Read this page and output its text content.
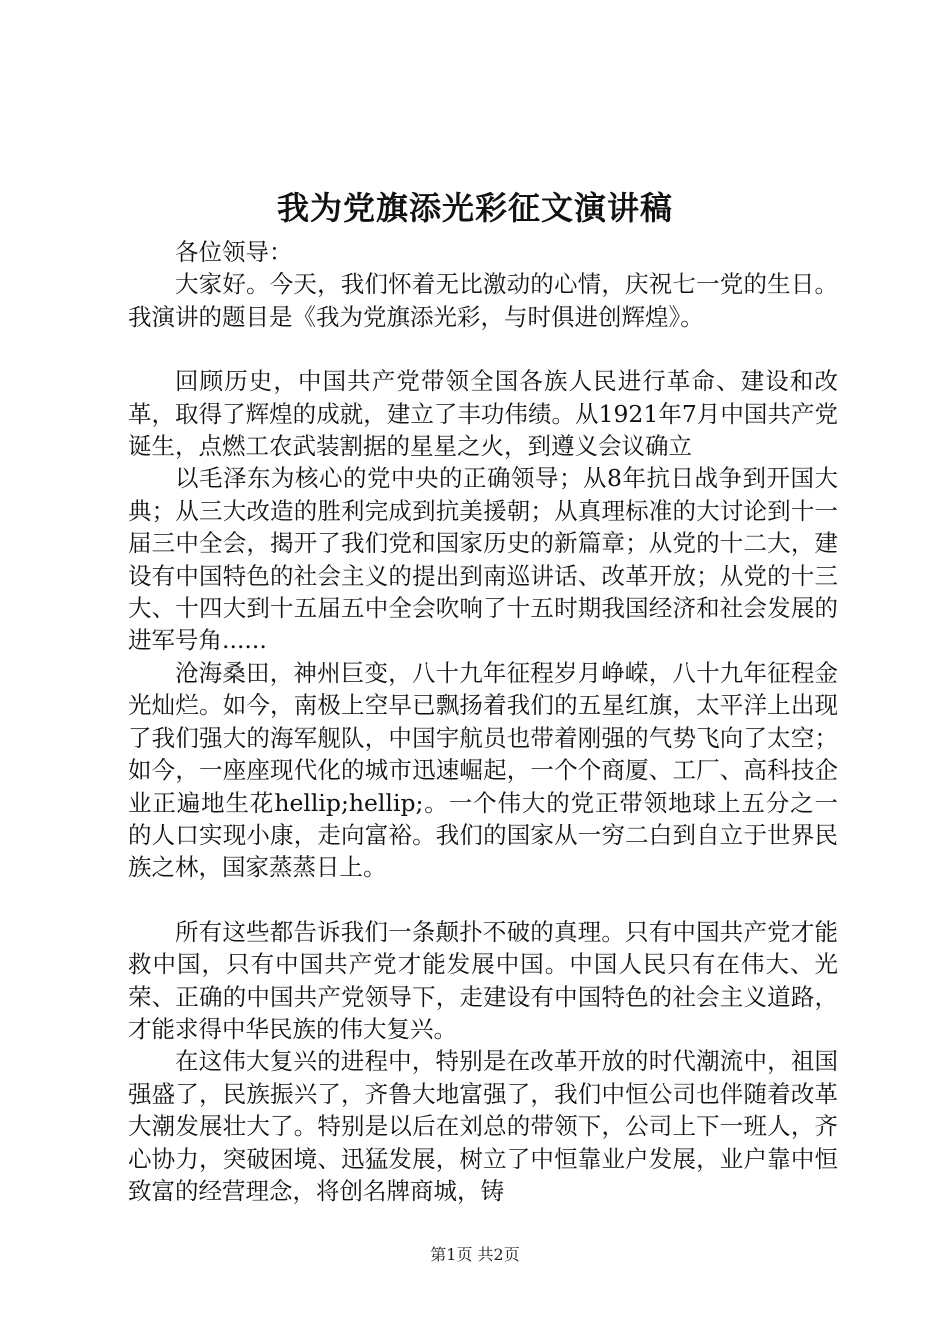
我为党旗添光彩征文演讲稿

各位领导：

大家好。今天，我们怀着无比激动的心情，庆祝七一党的生日。我演讲的题目是《我为党旗添光彩，与时俱进创辉煌》。

回顾历史，中国共产党带领全国各族人民进行革命、建设和改革，取得了辉煌的成就，建立了丰功伟绩。从1921年7月中国共产党诞生，点燃工农武装割据的星星之火，到遵义会议确立

以毛泽东为核心的党中央的正确领导；从8年抗日战争到开国大典；从三大改造的胜利完成到抗美援朝；从真理标准的大讨论到十一届三中全会，揭开了我们党和国家历史的新篇章；从党的十二大，建设有中国特色的社会主义的提出到南巡讲话、改革开放；从党的十三大、十四大到十五届五中全会吹响了十五时期我国经济和社会发展的进军号角......

沧海桑田，神州巨变，八十九年征程岁月峥嵘，八十九年征程金光灿烂。如今，南极上空早已飘扬着我们的五星红旗，太平洋上出现了我们强大的海军舰队，中国宇航员也带着刚强的气势飞向了太空；如今，一座座现代化的城市迅速崛起，一个个商厦、工厂、高科技企业正遍地生花hellip;hellip;。一个伟大的党正带领地球上五分之一的人口实现小康，走向富裕。我们的国家从一穷二白到自立于世界民族之林，国家蒸蒸日上。

所有这些都告诉我们一条颠扑不破的真理。只有中国共产党才能救中国，只有中国共产党才能发展中国。中国人民只有在伟大、光荣、正确的中国共产党领导下，走建设有中国特色的社会主义道路，才能求得中华民族的伟大复兴。

在这伟大复兴的进程中，特别是在改革开放的时代潮流中，祖国强盛了，民族振兴了，齐鲁大地富强了，我们中恒公司也伴随着改革大潮发展壮大了。特别是以后在刘总的带领下，公司上下一班人，齐心协力，突破困境、迅猛发展，树立了中恒靠业户发展，业户靠中恒致富的经营理念，将创名牌商城，铸

第1页 共2页
